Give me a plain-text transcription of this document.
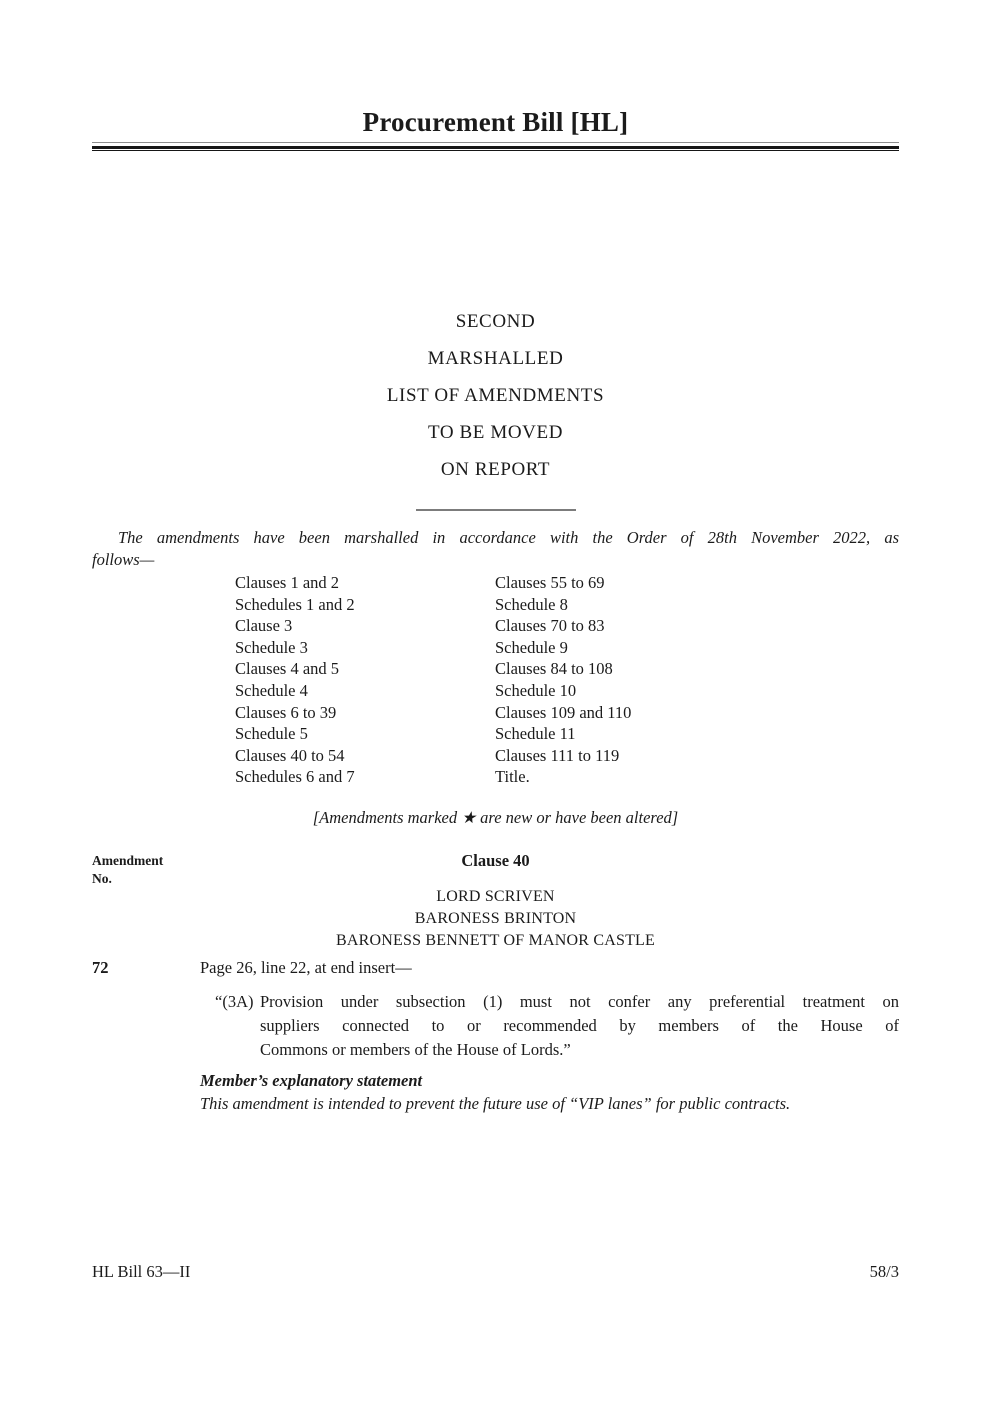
Procurement Bill [HL]
SECOND
MARSHALLED
LIST OF AMENDMENTS
TO BE MOVED
ON REPORT
The amendments have been marshalled in accordance with the Order of 28th November 2022, as
follows—
Clauses 1 and 2
Schedules 1 and 2
Clause 3
Schedule 3
Clauses 4 and 5
Schedule 4
Clauses 6 to 39
Schedule 5
Clauses 40 to 54
Schedules 6 and 7
Clauses 55 to 69
Schedule 8
Clauses 70 to 83
Schedule 9
Clauses 84 to 108
Schedule 10
Clauses 109 and 110
Schedule 11
Clauses 111 to 119
Title.
[Amendments marked ★ are new or have been altered]
Amendment
No.
Clause 40
LORD SCRIVEN
BARONESS BRINTON
BARONESS BENNETT OF MANOR CASTLE
72	Page 26, line 22, at end insert—
“(3A) Provision under subsection (1) must not confer any preferential treatment on
suppliers connected to or recommended by members of the House of
Commons or members of the House of Lords.”
Member’s explanatory statement
This amendment is intended to prevent the future use of “VIP lanes” for public contracts.
HL Bill 63—II	58/3
